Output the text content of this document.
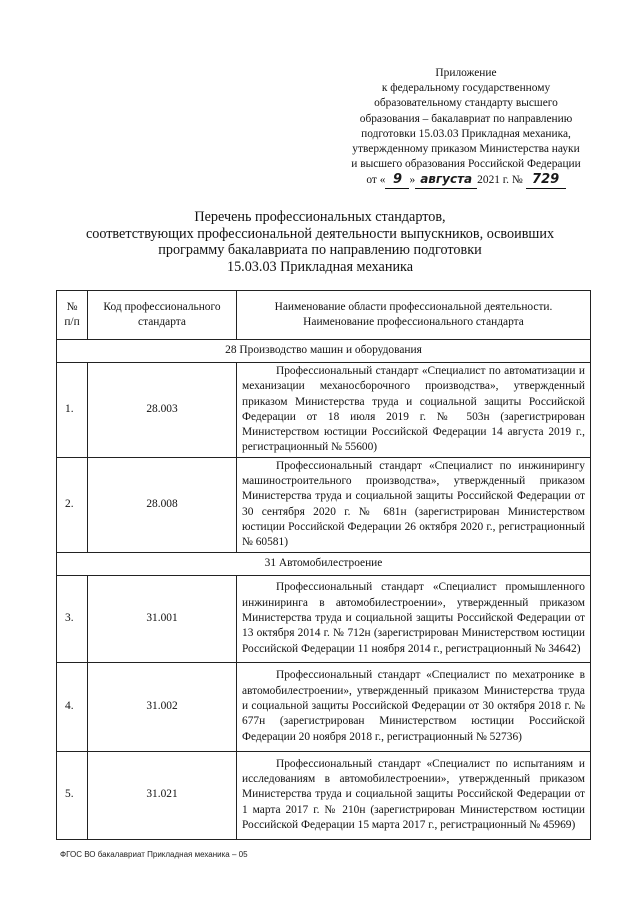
Приложение
к федеральному государственному
образовательному стандарту высшего
образования – бакалавриат по направлению
подготовки 15.03.03 Прикладная механика,
утвержденному приказом Министерства науки
и высшего образования Российской Федерации
от « 9 » августа 2021 г. № 729
Перечень профессиональных стандартов,
соответствующих профессиональной деятельности выпускников, освоивших
программу бакалавриата по направлению подготовки
15.03.03 Прикладная механика
№ п/п	Код профессионального стандарта	Наименование области профессиональной деятельности.
Наименование профессионального стандарта
28 Производство машин и оборудования		
1.	28.003	Профессиональный стандарт «Специалист по автоматизации и механизации механосборочного производства», утвержденный приказом Министерства труда и социальной защиты Российской Федерации от 18 июля 2019 г. № 503н (зарегистрирован Министерством юстиции Российской Федерации 14 августа 2019 г., регистрационный № 55600)

2.	28.008	Профессиональный стандарт «Специалист по инжинирингу машиностроительного производства», утвержденный приказом Министерства труда и социальной защиты Российской Федерации от 30 сентября 2020 г. № 681н (зарегистрирован Министерством юстиции Российской Федерации 26 октября 2020 г., регистрационный № 60581)

31 Автомобилестроение		
3.	31.001	Профессиональный стандарт «Специалист промышленного инжиниринга в автомобилестроении», утвержденный приказом Министерства труда и социальной защиты Российской Федерации от 13 октября 2014 г. № 712н (зарегистрирован Министерством юстиции Российской Федерации 11 ноября 2014 г., регистрационный № 34642)

4.	31.002	Профессиональный стандарт «Специалист по мехатронике в автомобилестроении», утвержденный приказом Министерства труда и социальной защиты Российской Федерации от 30 октября 2018 г. № 677н (зарегистрирован Министерством юстиции Российской Федерации 20 ноября 2018 г., регистрационный № 52736)

5.	31.021	Профессиональный стандарт «Специалист по испытаниям и исследованиям в автомобилестроении», утвержденный приказом Министерства труда и социальной защиты Российской Федерации от 1 марта 2017 г. № 210н (зарегистрирован Министерством юстиции Российской Федерации 15 марта 2017 г., регистрационный № 45969)
ФГОС ВО бакалавриат Прикладная механика – 05
